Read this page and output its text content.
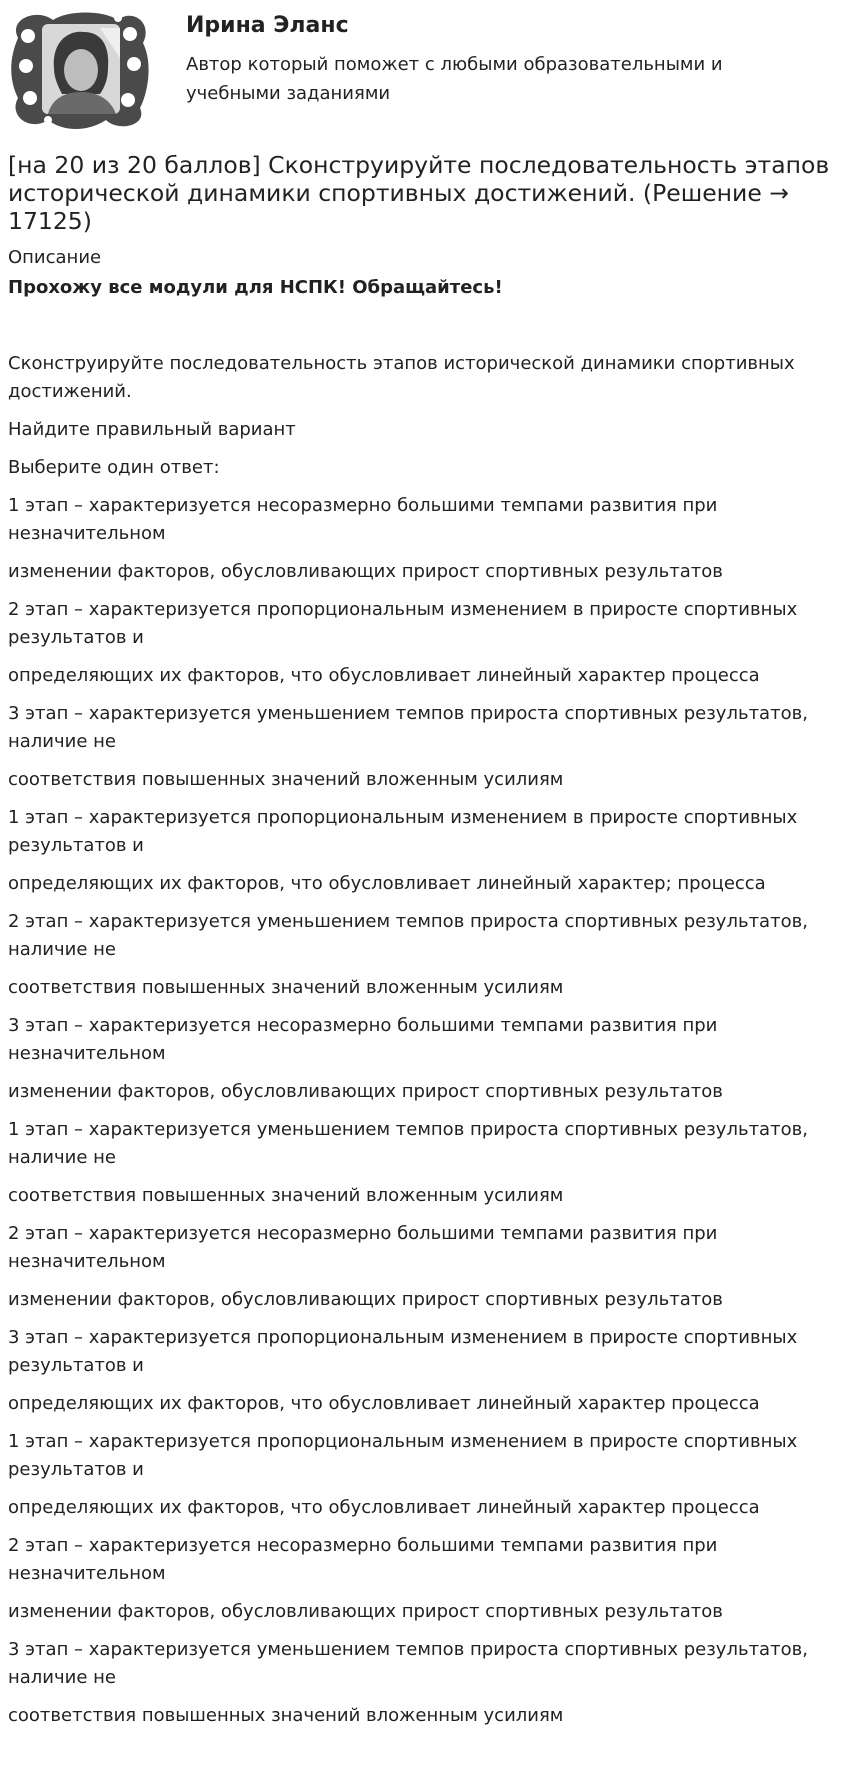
Ирина Эланс
Автор который поможет с любыми образовательными и учебными заданиями
[на 20 из 20 баллов] Сконструируйте последовательность этапов исторической динамики спортивных достижений. (Решение → 17125)
Описание
Прохожу все модули для НСПК! Обращайтесь!

Сконструируйте последовательность этапов исторической динамики спортивных достижений.

Найдите правильный вариант

Выберите один ответ:

1 этап – характеризуется несоразмерно большими темпами развития при незначительном

изменении факторов, обусловливающих прирост спортивных результатов

2 этап – характеризуется пропорциональным изменением в приросте спортивных результатов и

определяющих их факторов, что обусловливает линейный характер процесса

3 этап – характеризуется уменьшением темпов прироста спортивных результатов, наличие не

соответствия повышенных значений вложенным усилиям

1 этап – характеризуется пропорциональным изменением в приросте спортивных результатов и

определяющих их факторов, что обусловливает линейный характер; процесса

2 этап – характеризуется уменьшением темпов прироста спортивных результатов, наличие не

соответствия повышенных значений вложенным усилиям

3 этап – характеризуется несоразмерно большими темпами развития при незначительном

изменении факторов, обусловливающих прирост спортивных результатов

1 этап – характеризуется уменьшением темпов прироста спортивных результатов, наличие не

соответствия повышенных значений вложенным усилиям

2 этап – характеризуется несоразмерно большими темпами развития при незначительном

изменении факторов, обусловливающих прирост спортивных результатов

3 этап – характеризуется пропорциональным изменением в приросте спортивных результатов и

определяющих их факторов, что обусловливает линейный характер процесса

1 этап – характеризуется пропорциональным изменением в приросте спортивных результатов и

определяющих их факторов, что обусловливает линейный характер процесса

2 этап – характеризуется несоразмерно большими темпами развития при незначительном

изменении факторов, обусловливающих прирост спортивных результатов

3 этап – характеризуется уменьшением темпов прироста спортивных результатов, наличие не

соответствия повышенных значений вложенным усилиям
